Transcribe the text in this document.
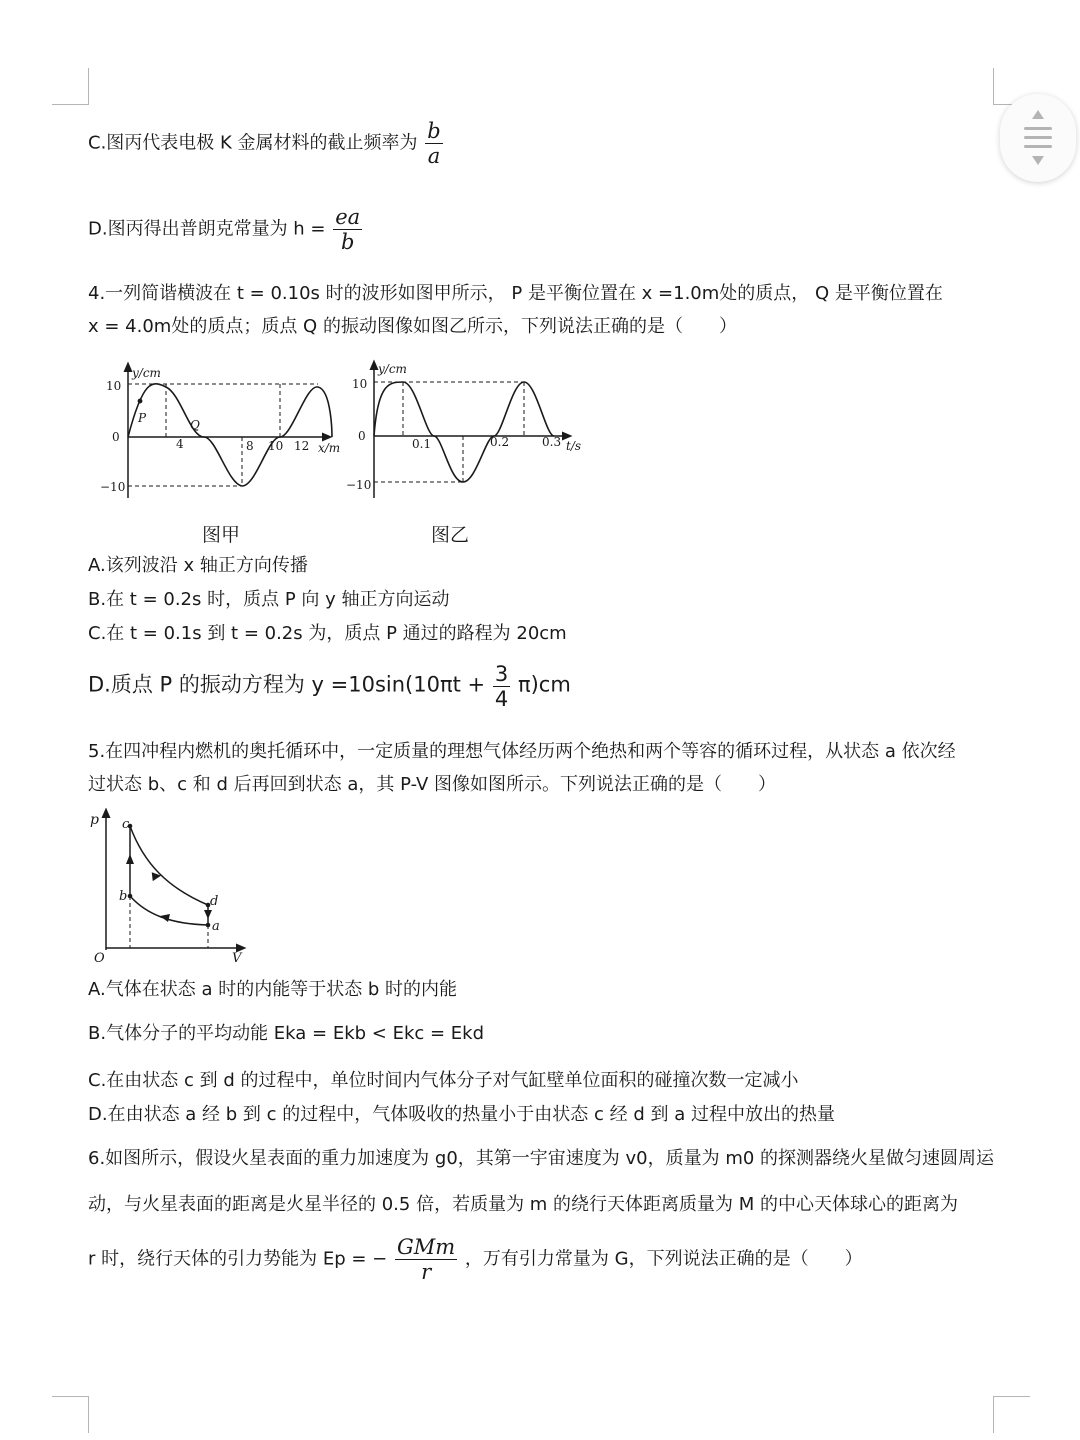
C.图丙代表电极 K 金属材料的截止频率为 $\frac{b}{a}$
D.图丙得出普朗克常量为 $h = \frac{ea}{b}$
4.一列简谐横波在 t = 0.10s 时的波形如图甲所示， P 是平衡位置在 x =1.0m处的质点， Q 是平衡位置在
x = 4.0m处的质点；质点 Q 的振动图像如图乙所示，下列说法正确的是（　　）
y/cm
10
0
−10
4	8 10 12 x/m
P	Q
y/cm
10
0
−10
0.1	0.2	0.3 t/s
图甲	图乙
A.该列波沿 x 轴正方向传播
B.在 t = 0.2s 时，质点 P 向 y 轴正方向运动
C.在 t = 0.1s 到 t = 0.2s 为，质点 P 通过的路程为 20cm
D.质点 P 的振动方程为 $y =10\sin(10\pi t + \frac{3}{4} \pi)cm$
5.在四冲程内燃机的奥托循环中，一定质量的理想气体经历两个绝热和两个等容的循环过程，从状态 a 依次经
过状态 b、c 和 d 后再回到状态 a，其 P-V 图像如图所示。下列说法正确的是（　　）
p
V
O
a
b
c
d
A.气体在状态 a 时的内能等于状态 b 时的内能
B.气体分子的平均动能 Eka = Ekb < Ekc = Ekd
C.在由状态 c 到 d 的过程中，单位时间内气体分子对气缸壁单位面积的碰撞次数一定减小
D.在由状态 a 经 b 到 c 的过程中，气体吸收的热量小于由状态 c 经 d 到 a 过程中放出的热量
6.如图所示，假设火星表面的重力加速度为 g0，其第一宇宙速度为 v0，质量为 m0 的探测器绕火星做匀速圆周运
动，与火星表面的距离是火星半径的 0.5 倍，若质量为 m 的绕行天体距离质量为 M 的中心天体球心的距离为
r 时，绕行天体的引力势能为 Ep = − $\frac{\text{GMm}}{r}$ ，万有引力常量为 G，下列说法正确的是（　　）
